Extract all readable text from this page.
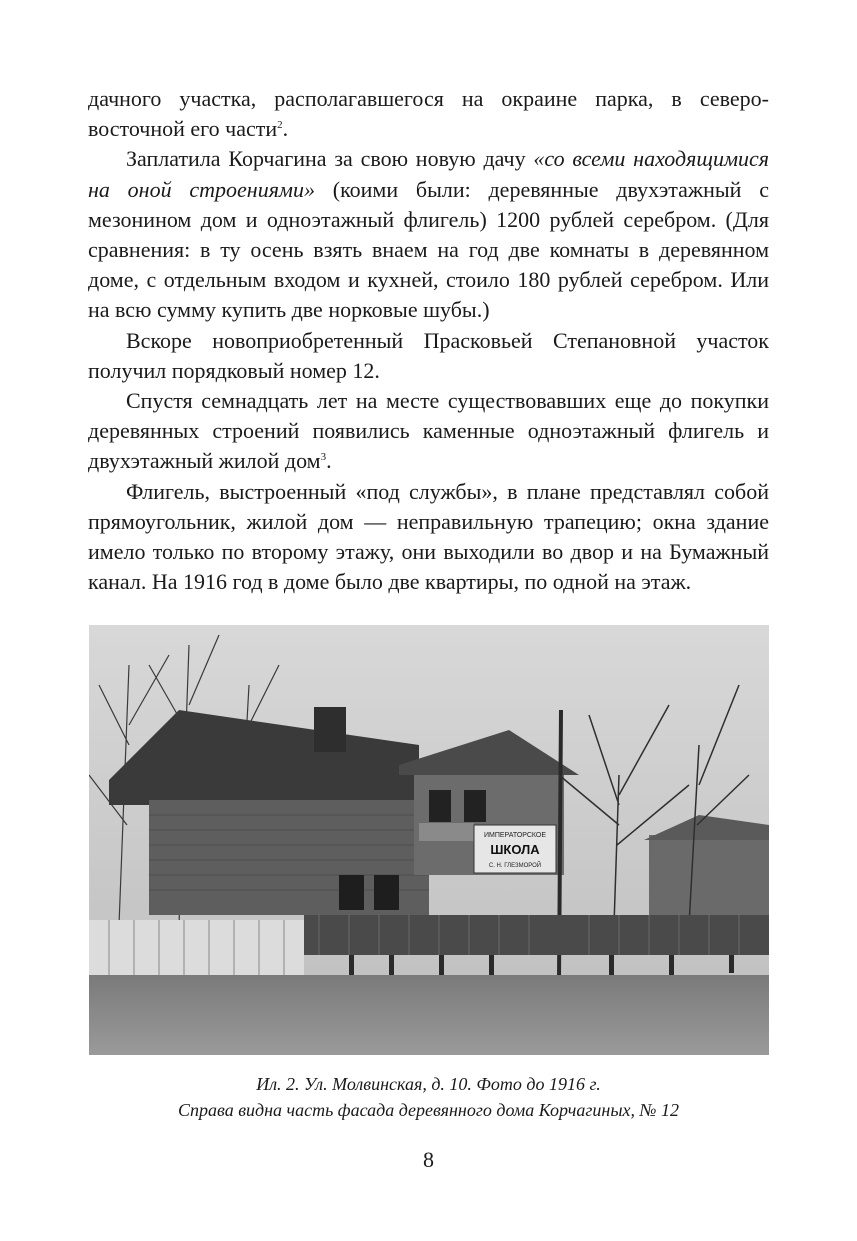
дачного участка, располагавшегося на окраине парка, в северо-восточной его части$^2$.

Заплатила Корчагина за свою новую дачу «со всеми находящимися на оной строениями» (коими были: деревянные двухэтажный с мезонином дом и одноэтажный флигель) 1200 рублей серебром. (Для сравнения: в ту осень взять внаем на год две комнаты в деревянном доме, с отдельным входом и кухней, стоило 180 рублей серебром. Или на всю сумму купить две норковые шубы.)

Вскоре новоприобретенный Прасковьей Степановной участок получил порядковый номер 12.

Спустя семнадцать лет на месте существовавших еще до покупки деревянных строений появились каменные одноэтажный флигель и двухэтажный жилой дом$^3$.

Флигель, выстроенный «под службы», в плане представлял собой прямоугольник, жилой дом — неправильную трапецию; окна здание имело только по второму этажу, они выходили во двор и на Бумажный канал. На 1916 год в доме было две квартиры, по одной на этаж.

ИМПЕРАТОРСКОЕ
ШКОЛА
С. Н. ГЛЕЗМОРОЙ
Ил. 2. Ул. Молвинская, д. 10. Фото до 1916 г.
Справа видна часть фасада деревянного дома Корчагиных, № 12
8
